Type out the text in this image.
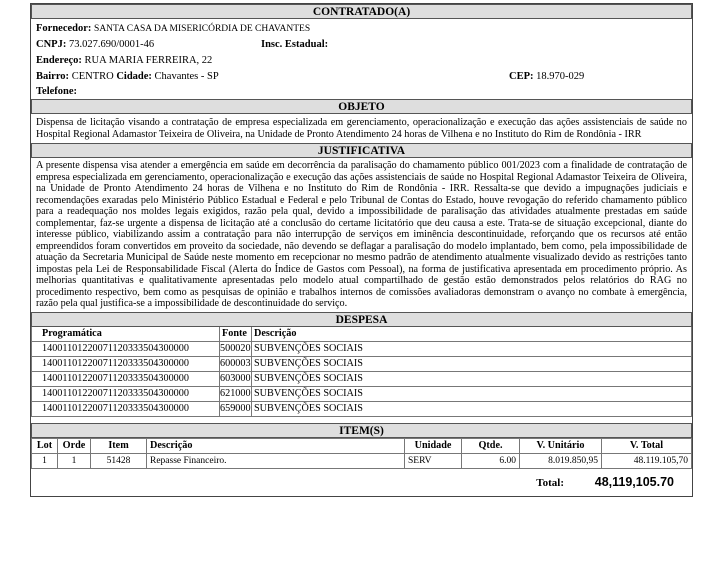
CONTRATADO(A)
Fornecedor: SANTA CASA DA MISERICÓRDIA DE CHAVANTES
CNPJ: 73.027.690/0001-46	Insc. Estadual:
Endereço: RUA MARIA FERREIRA, 22
Bairro: CENTRO Cidade: Chavantes - SP	CEP: 18.970-029
Telefone:
OBJETO
Dispensa de licitação visando a contratação de empresa especializada em gerenciamento, operacionalização e execução das ações assistenciais de saúde no Hospital Regional Adamastor Teixeira de Oliveira, na Unidade de Pronto Atendimento 24 horas de Vilhena e no Instituto do Rim de Rondônia - IRR
JUSTIFICATIVA
A presente dispensa visa atender a emergência em saúde em decorrência da paralisação do chamamento público 001/2023 com a finalidade de contratação de empresa especializada em gerenciamento, operacionalização e execução das ações assistenciais de saúde no Hospital Regional Adamastor Teixeira de Oliveira, na Unidade de Pronto Atendimento 24 horas de Vilhena e no Instituto do Rim de Rondônia - IRR. Ressalta-se que devido a impugnações judiciais e recomendações exaradas pelo Ministério Público Estadual e Federal e pelo Tribunal de Contas do Estado, houve revogação do referido chamamento público para a readequação nos moldes legais exigidos, razão pela qual, devido a impossibilidade de paralisação das atividades atualmente prestadas em saúde complementar, faz-se urgente a dispensa de licitação até a conclusão do certame licitatório que deu causa a este. Trata-se de situação excepcional, diante do interesse público, viabilizando assim a contratação para não interrupção de serviços em iminência descontinuidade, reforçando que os recursos até então empreendidos foram convertidos em proveito da sociedade, não devendo se deflagar a paralisação do modelo implantado, bem como, pela impossibilidade de atuação da Secretaria Municipal de Saúde neste momento em recepcionar no mesmo padrão de atendimento atualmente visualizado devido as restrições tanto impostas pela Lei de Responsabilidade Fiscal (Alerta do Índice de Gastos com Pessoal), na forma de justificativa apresentada em procedimento próprio. As melhorias quantitativas e qualitativamente apresentadas pelo modelo atual compartilhado de gestão estão demonstrados pelos relatórios do RAG no procedimento respectivo, bem como as pesquisas de opinião e trabalhos internos de comissões avaliadoras demonstram o avanço no combate à emergência, razão pela qual justifica-se a impossibilidade de descontinuidade do serviço.
DESPESA
Programática	Fonte	Descrição
14001101220071120333504300000	500020	SUBVENÇÕES SOCIAIS
14001101220071120333504300000	600003	SUBVENÇÕES SOCIAIS
14001101220071120333504300000	603000	SUBVENÇÕES SOCIAIS
14001101220071120333504300000	621000	SUBVENÇÕES SOCIAIS
14001101220071120333504300000	659000	SUBVENÇÕES SOCIAIS
ITEM(S)
Lot	Orde	Item	Descrição	Unidade	Qtde.	V. Unitário	V. Total
1	1	51428	Repasse Financeiro.	SERV	6.00	8.019.850,95	48.119.105,70
Total: 48,119,105.70
